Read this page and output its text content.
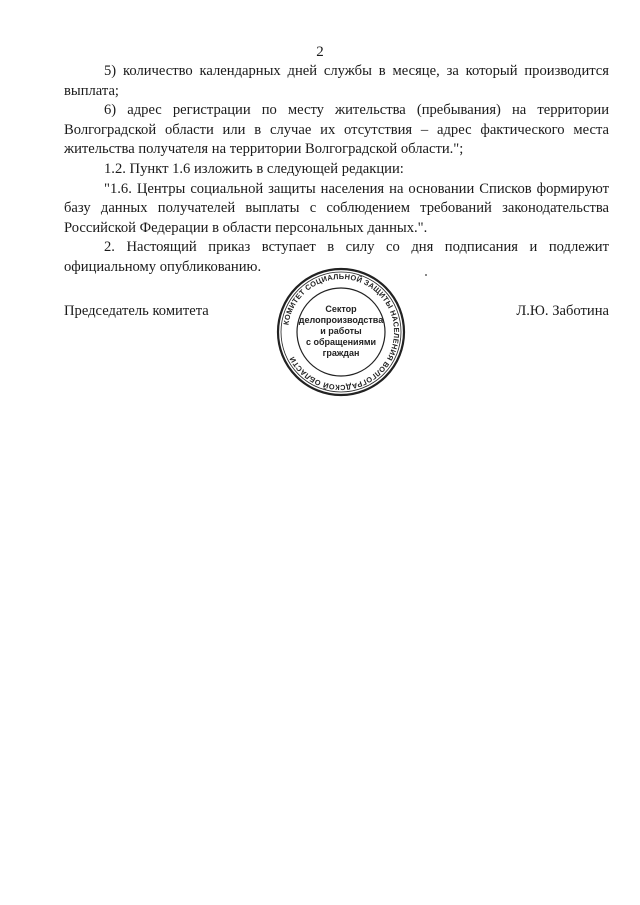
2

5) количество календарных дней службы в месяце, за который производится выплата;

6) адрес регистрации по месту жительства (пребывания) на территории Волгоградской области или в случае их отсутствия – адрес фактического места жительства получателя на территории Волгоградской области.";

1.2. Пункт 1.6 изложить в следующей редакции:

"1.6. Центры социальной защиты населения на основании Списков формируют базу данных получателей выплаты с соблюдением требований законодательства Российской Федерации в области персональных данных.".

2. Настоящий приказ вступает в силу со дня подписания и подлежит официальному опубликованию.

Председатель комитета	Л.Ю. Заботина
КОМИТЕТ СОЦИАЛЬНОЙ ЗАЩИТЫ НАСЕЛЕНИЯ ВОЛГОГРАДСКОЙ ОБЛАСТИ
Сектор
делопроизводства
и работы
с обращениями
граждан
